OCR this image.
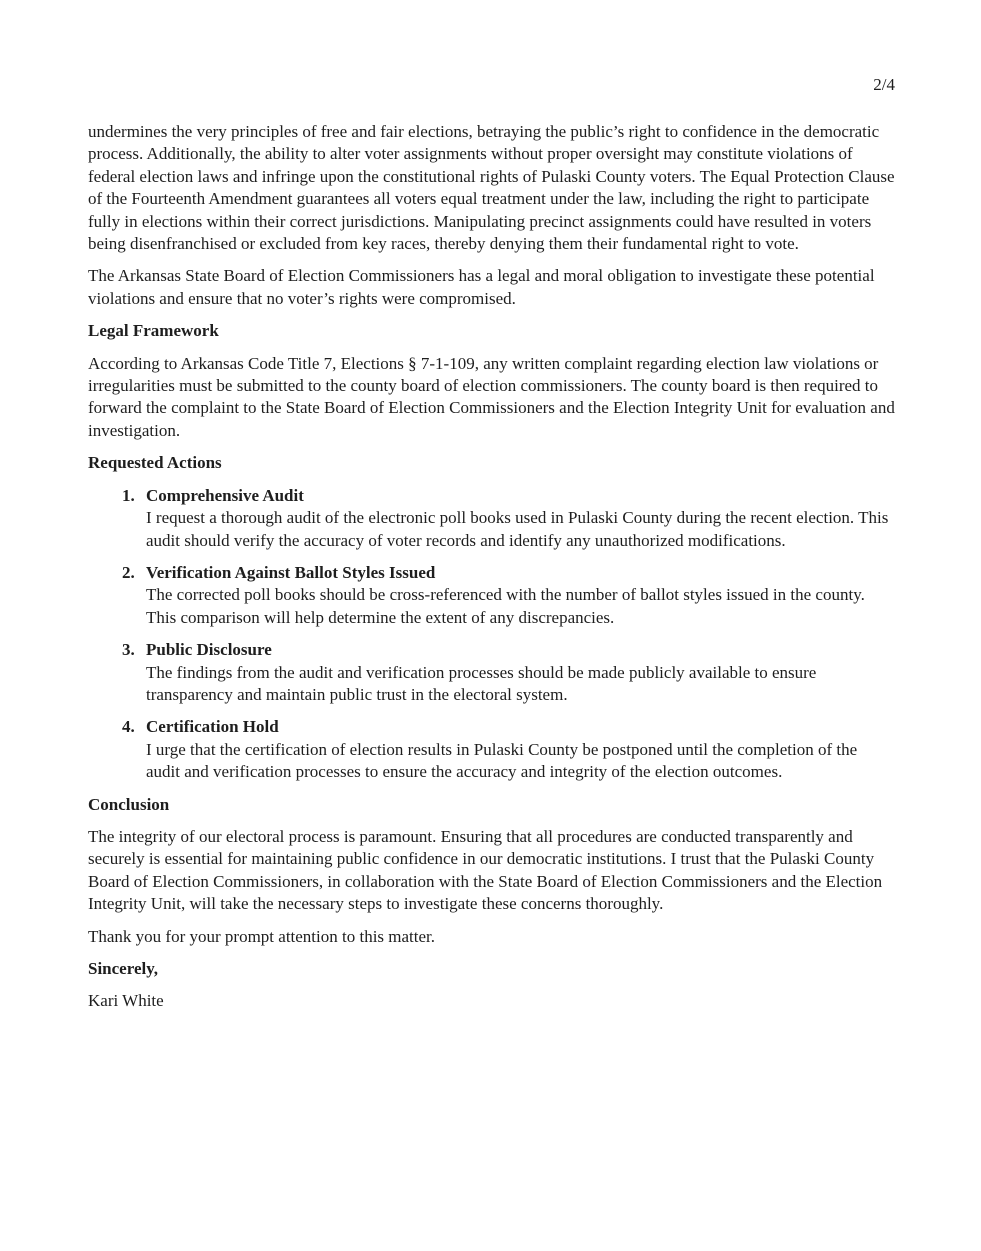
2/4

undermines the very principles of free and fair elections, betraying the public’s right to confidence in the democratic process. Additionally, the ability to alter voter assignments without proper oversight may constitute violations of federal election laws and infringe upon the constitutional rights of Pulaski County voters. The Equal Protection Clause of the Fourteenth Amendment guarantees all voters equal treatment under the law, including the right to participate fully in elections within their correct jurisdictions. Manipulating precinct assignments could have resulted in voters being disenfranchised or excluded from key races, thereby denying them their fundamental right to vote.

The Arkansas State Board of Election Commissioners has a legal and moral obligation to investigate these potential violations and ensure that no voter’s rights were compromised.

Legal Framework

According to Arkansas Code Title 7, Elections § 7-1-109, any written complaint regarding election law violations or irregularities must be submitted to the county board of election commissioners. The county board is then required to forward the complaint to the State Board of Election Commissioners and the Election Integrity Unit for evaluation and investigation.

Requested Actions
1. Comprehensive Audit
I request a thorough audit of the electronic poll books used in Pulaski County during the recent election. This audit should verify the accuracy of voter records and identify any unauthorized modifications.
2. Verification Against Ballot Styles Issued
The corrected poll books should be cross-referenced with the number of ballot styles issued in the county. This comparison will help determine the extent of any discrepancies.
3. Public Disclosure
The findings from the audit and verification processes should be made publicly available to ensure transparency and maintain public trust in the electoral system.
4. Certification Hold
I urge that the certification of election results in Pulaski County be postponed until the completion of the audit and verification processes to ensure the accuracy and integrity of the election outcomes.
Conclusion

The integrity of our electoral process is paramount. Ensuring that all procedures are conducted transparently and securely is essential for maintaining public confidence in our democratic institutions. I trust that the Pulaski County Board of Election Commissioners, in collaboration with the State Board of Election Commissioners and the Election Integrity Unit, will take the necessary steps to investigate these concerns thoroughly.

Thank you for your prompt attention to this matter.

Sincerely,

Kari White
